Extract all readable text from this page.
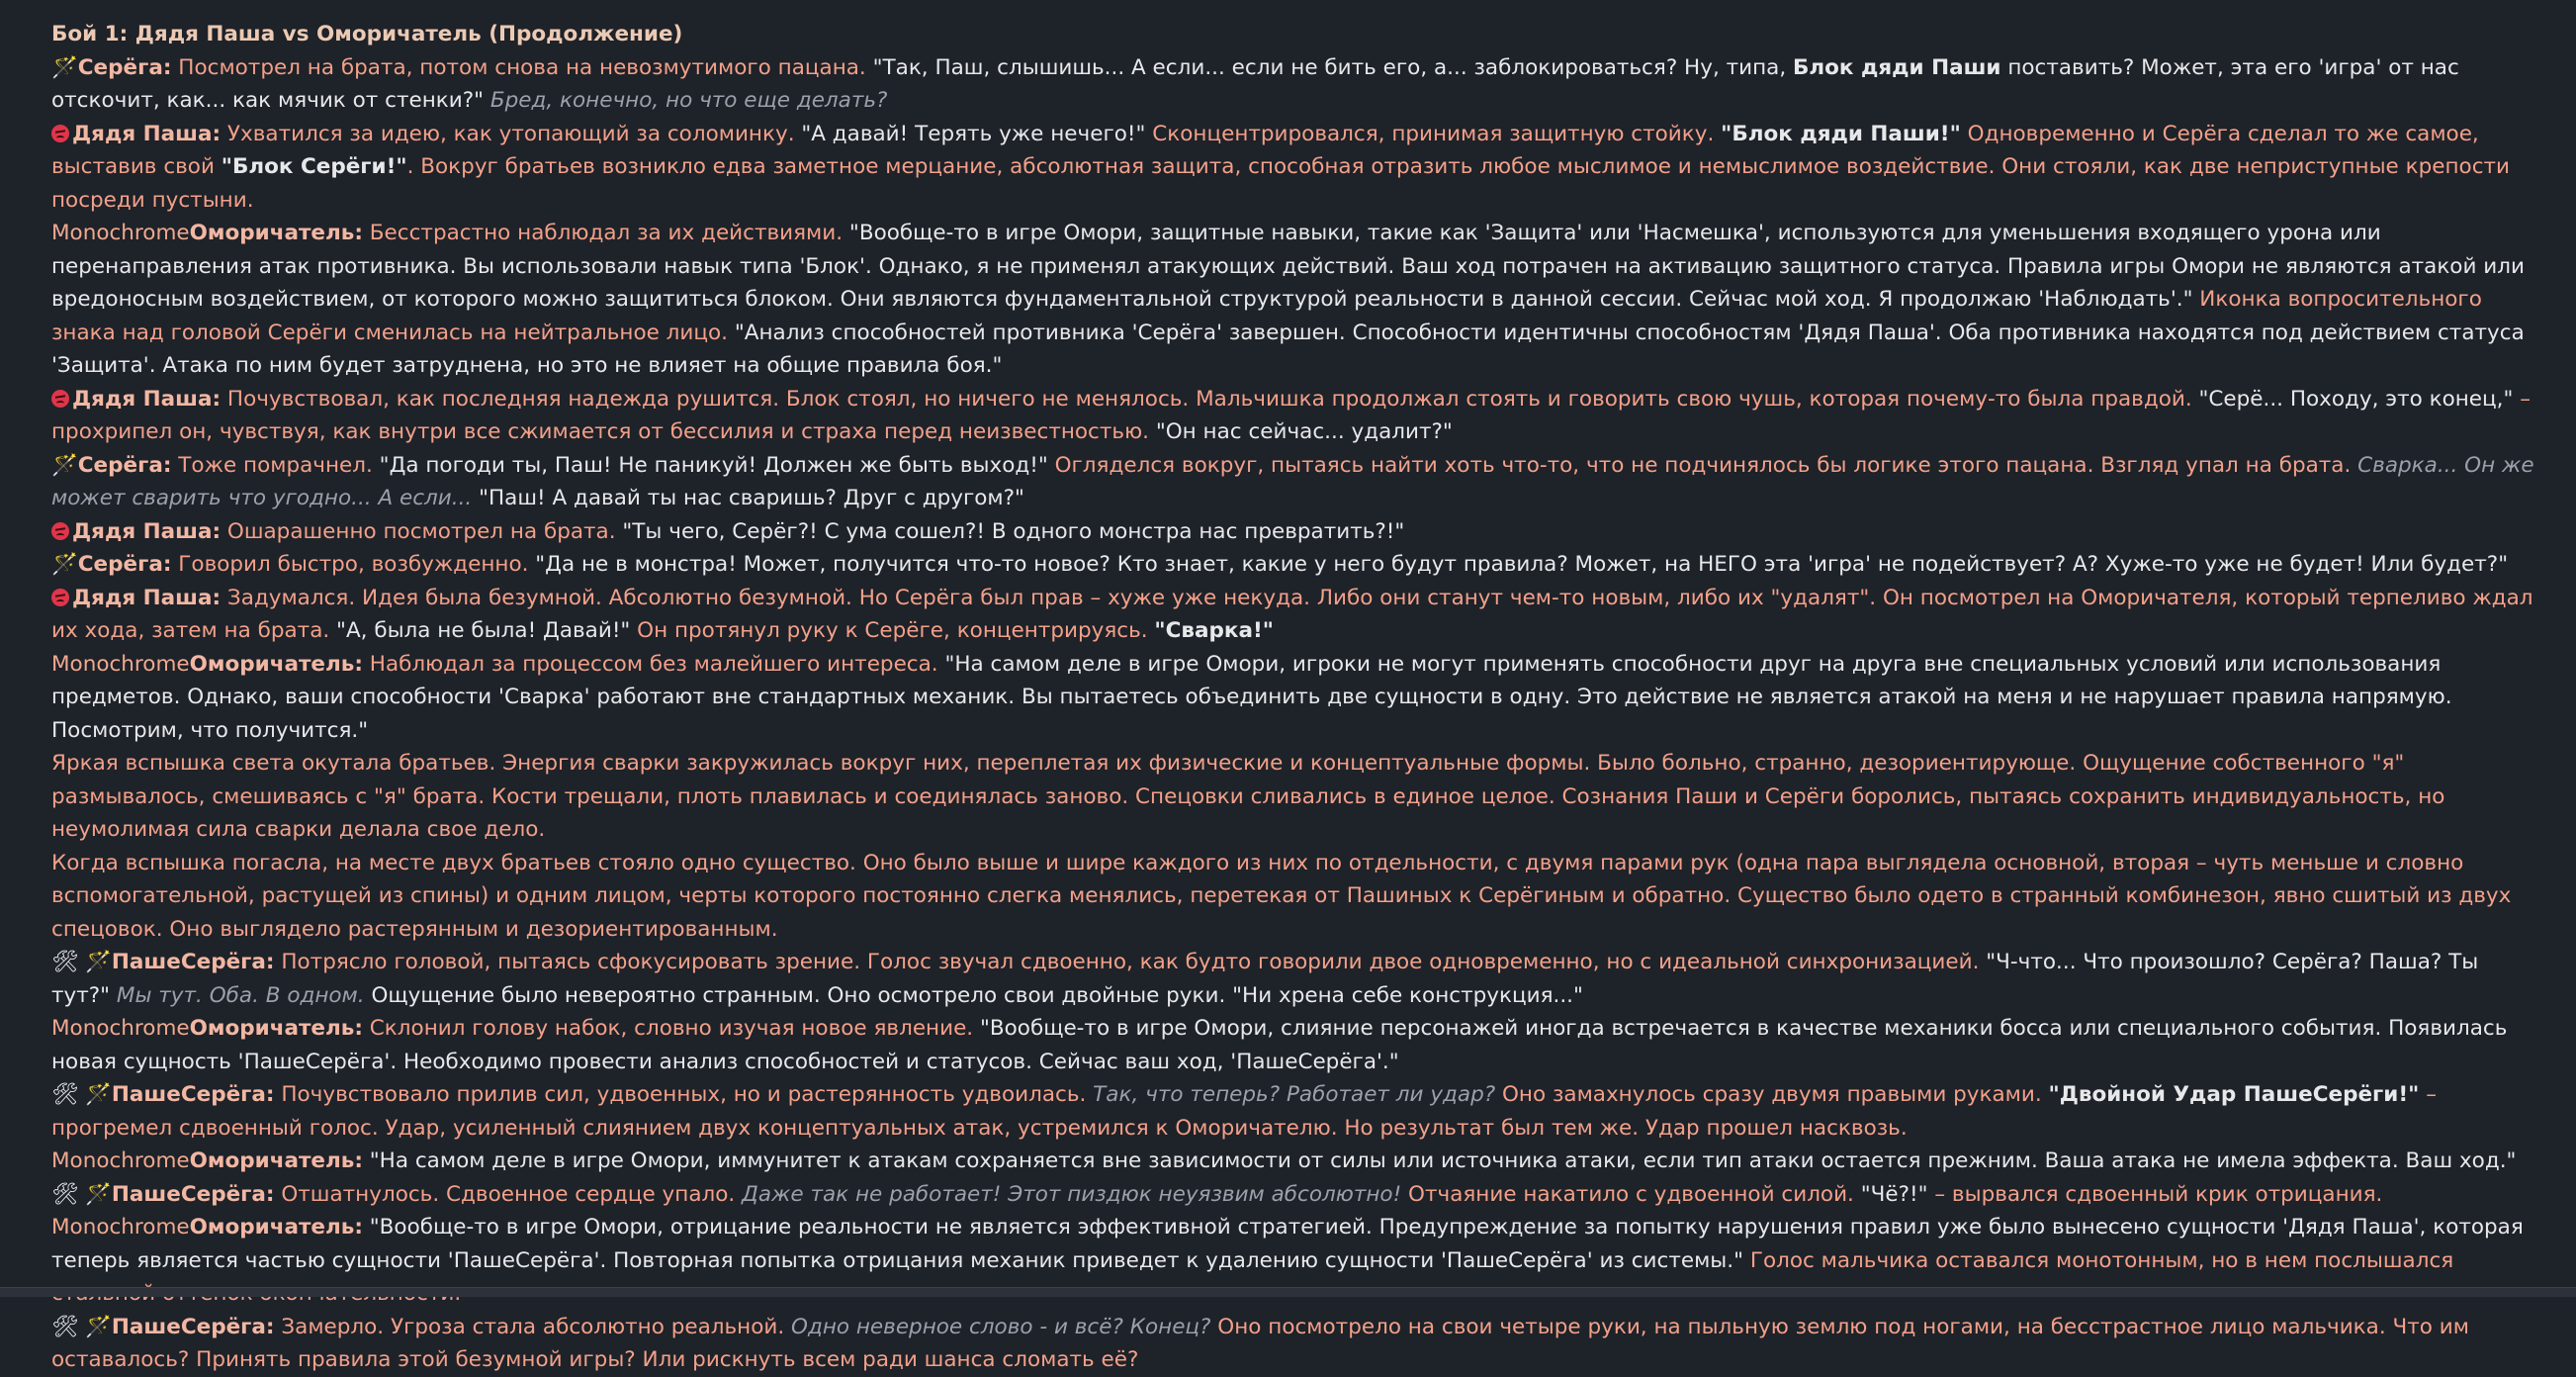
Бой 1: Дядя Паша vs Оморичатель (Продолжение)

🪄Серёга: Посмотрел на брата, потом снова на невозмутимого пацана. "Так, Паш, слышишь... А если... если не бить его, а... заблокироваться? Ну, типа, Блок дяди Паши поставить? Может, эта его 'игра' от нас отскочит, как... как мячик от стенки?" Бред, конечно, но что еще делать?

Дядя Паша: Ухватился за идею, как утопающий за соломинку. "А давай! Терять уже нечего!" Сконцентрировался, принимая защитную стойку. "Блок дяди Паши!" Одновременно и Серёга сделал то же самое, выставив свой "Блок Серёги!". Вокруг братьев возникло едва заметное мерцание, абсолютная защита, способная отразить любое мыслимое и немыслимое воздействие. Они стояли, как две неприступные крепости посреди пустыни.

MonochromeОморичатель: Бесстрастно наблюдал за их действиями. "Вообще-то в игре Омори, защитные навыки, такие как 'Защита' или 'Насмешка', используются для уменьшения входящего урона или перенаправления атак противника. Вы использовали навык типа 'Блок'. Однако, я не применял атакующих действий. Ваш ход потрачен на активацию защитного статуса. Правила игры Омори не являются атакой или вредоносным воздействием, от которого можно защититься блоком. Они являются фундаментальной структурой реальности в данной сессии. Сейчас мой ход. Я продолжаю 'Наблюдать'." Иконка вопросительного знака над головой Серёги сменилась на нейтральное лицо. "Анализ способностей противника 'Серёга' завершен. Способности идентичны способностям 'Дядя Паша'. Оба противника находятся под действием статуса 'Защита'. Атака по ним будет затруднена, но это не влияет на общие правила боя."

Дядя Паша: Почувствовал, как последняя надежда рушится. Блок стоял, но ничего не менялось. Мальчишка продолжал стоять и говорить свою чушь, которая почему-то была правдой. "Серё... Походу, это конец," – прохрипел он, чувствуя, как внутри все сжимается от бессилия и страха перед неизвестностью. "Он нас сейчас... удалит?"

🪄Серёга: Тоже помрачнел. "Да погоди ты, Паш! Не паникуй! Должен же быть выход!" Огляделся вокруг, пытаясь найти хоть что-то, что не подчинялось бы логике этого пацана. Взгляд упал на брата. Сварка... Он же может сварить что угодно... А если... "Паш! А давай ты нас сваришь? Друг с другом?"

Дядя Паша: Ошарашенно посмотрел на брата. "Ты чего, Серёг?! С ума сошел?! В одного монстра нас превратить?!"

🪄Серёга: Говорил быстро, возбужденно. "Да не в монстра! Может, получится что-то новое? Кто знает, какие у него будут правила? Может, на НЕГО эта 'игра' не подействует? А? Хуже-то уже не будет! Или будет?"

Дядя Паша: Задумался. Идея была безумной. Абсолютно безумной. Но Серёга был прав – хуже уже некуда. Либо они станут чем-то новым, либо их "удалят". Он посмотрел на Оморичателя, который терпеливо ждал их хода, затем на брата. "А, была не была! Давай!" Он протянул руку к Серёге, концентрируясь. "Сварка!"

MonochromeОморичатель: Наблюдал за процессом без малейшего интереса. "На самом деле в игре Омори, игроки не могут применять способности друг на друга вне специальных условий или использования предметов. Однако, ваши способности 'Сварка' работают вне стандартных механик. Вы пытаетесь объединить две сущности в одну. Это действие не является атакой на меня и не нарушает правила напрямую. Посмотрим, что получится."

Яркая вспышка света окутала братьев. Энергия сварки закружилась вокруг них, переплетая их физические и концептуальные формы. Было больно, странно, дезориентирующе. Ощущение собственного "я" размывалось, смешиваясь с "я" брата. Кости трещали, плоть плавилась и соединялась заново. Спецовки сливались в единое целое. Сознания Паши и Серёги боролись, пытаясь сохранить индивидуальность, но неумолимая сила сварки делала свое дело.

Когда вспышка погасла, на месте двух братьев стояло одно существо. Оно было выше и шире каждого из них по отдельности, с двумя парами рук (одна пара выглядела основной, вторая – чуть меньше и словно вспомогательной, растущей из спины) и одним лицом, черты которого постоянно слегка менялись, перетекая от Пашиных к Серёгиным и обратно. Существо было одето в странный комбинезон, явно сшитый из двух спецовок. Оно выглядело растерянным и дезориентированным.

🛠 🪄ПашеСерёга: Потрясло головой, пытаясь сфокусировать зрение. Голос звучал сдвоенно, как будто говорили двое одновременно, но с идеальной синхронизацией. "Ч-что... Что произошло? Серёга? Паша? Ты тут?" Мы тут. Оба. В одном. Ощущение было невероятно странным. Оно осмотрело свои двойные руки. "Ни хрена себе конструкция..."

MonochromeОморичатель: Склонил голову набок, словно изучая новое явление. "Вообще-то в игре Омори, слияние персонажей иногда встречается в качестве механики босса или специального события. Появилась новая сущность 'ПашеСерёга'. Необходимо провести анализ способностей и статусов. Сейчас ваш ход, 'ПашеСерёга'."

🛠 🪄ПашеСерёга: Почувствовало прилив сил, удвоенных, но и растерянность удвоилась. Так, что теперь? Работает ли удар? Оно замахнулось сразу двумя правыми руками. "Двойной Удар ПашеСерёги!" – прогремел сдвоенный голос. Удар, усиленный слиянием двух концептуальных атак, устремился к Оморичателю. Но результат был тем же. Удар прошел насквозь.

MonochromeОморичатель: "На самом деле в игре Омори, иммунитет к атакам сохраняется вне зависимости от силы или источника атаки, если тип атаки остается прежним. Ваша атака не имела эффекта. Ваш ход."

🛠 🪄ПашеСерёга: Отшатнулось. Сдвоенное сердце упало. Даже так не работает! Этот пиздюк неуязвим абсолютно! Отчаяние накатило с удвоенной силой. "Чё?!" – вырвался сдвоенный крик отрицания.

MonochromeОморичатель: "Вообще-то в игре Омори, отрицание реальности не является эффективной стратегией. Предупреждение за попытку нарушения правил уже было вынесено сущности 'Дядя Паша', которая теперь является частью сущности 'ПашеСерёга'. Повторная попытка отрицания механик приведет к удалению сущности 'ПашеСерёга' из системы." Голос мальчика оставался монотонным, но в нем послышался

🛠 🪄ПашеСерёга: Замерло. Угроза стала абсолютно реальной. Одно неверное слово - и всё? Конец? Оно посмотрело на свои четыре руки, на пыльную землю под ногами, на бесстрастное лицо мальчика. Что им оставалось? Принять правила этой безумной игры? Или рискнуть всем ради шанса сломать её?
